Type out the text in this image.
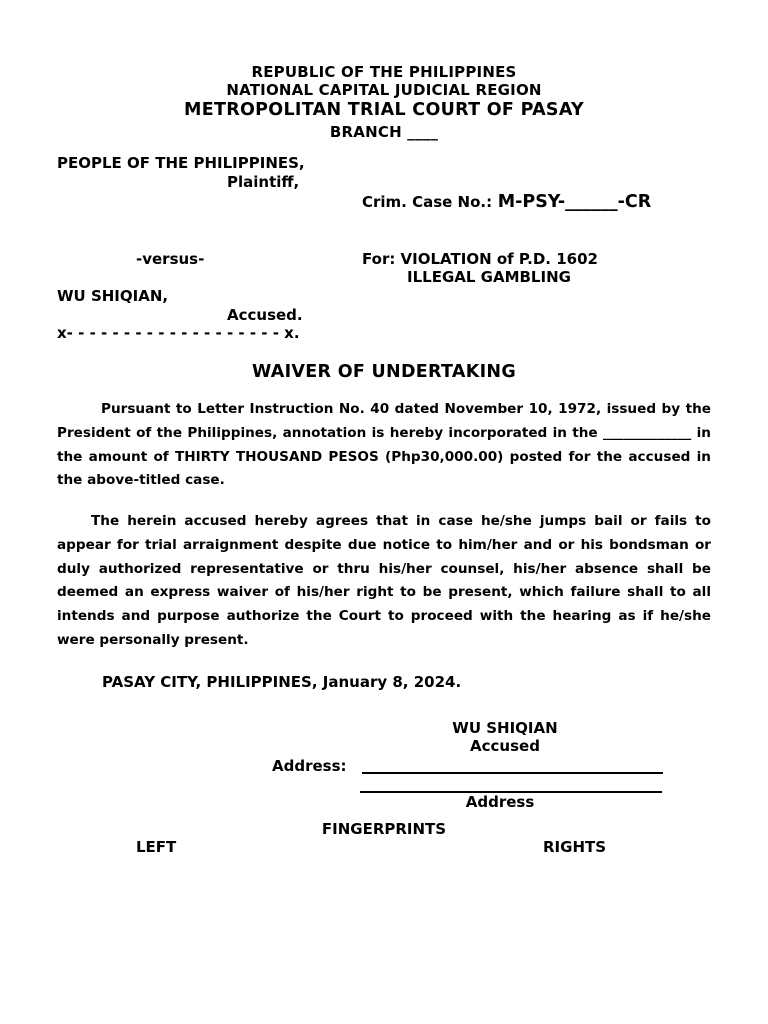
REPUBLIC OF THE PHILIPPINES
NATIONAL CAPITAL JUDICIAL REGION
METROPOLITAN TRIAL COURT OF PASAY
BRANCH ____
PEOPLE OF THE PHILIPPINES,
Plaintiff,
Crim. Case No.: M-PSY-______-CR
-versus-	For: VIOLATION of P.D. 1602
ILLEGAL GAMBLING
WU SHIQIAN,
Accused.
x- - - - - - - - - - - - - - - - - - - x.
WAIVER OF UNDERTAKING

Pursuant to Letter Instruction No. 40 dated November 10, 1972, issued by the President of the Philippines, annotation is hereby incorporated in the _____________ in the amount of THIRTY THOUSAND PESOS (Php30,000.00) posted for the accused in the above-titled case.

The herein accused hereby agrees that in case he/she jumps bail or fails to appear for trial arraignment despite due notice to him/her and or his bondsman or duly authorized representative or thru his/her counsel, his/her absence shall be deemed an express waiver of his/her right to be present, which failure shall to all intends and purpose authorize the Court to proceed with the hearing as if he/she were personally present.

PASAY CITY, PHILIPPINES, January 8, 2024.
WU SHIQIAN
Accused
Address:
Address
FINGERPRINTS
LEFT	RIGHTS
